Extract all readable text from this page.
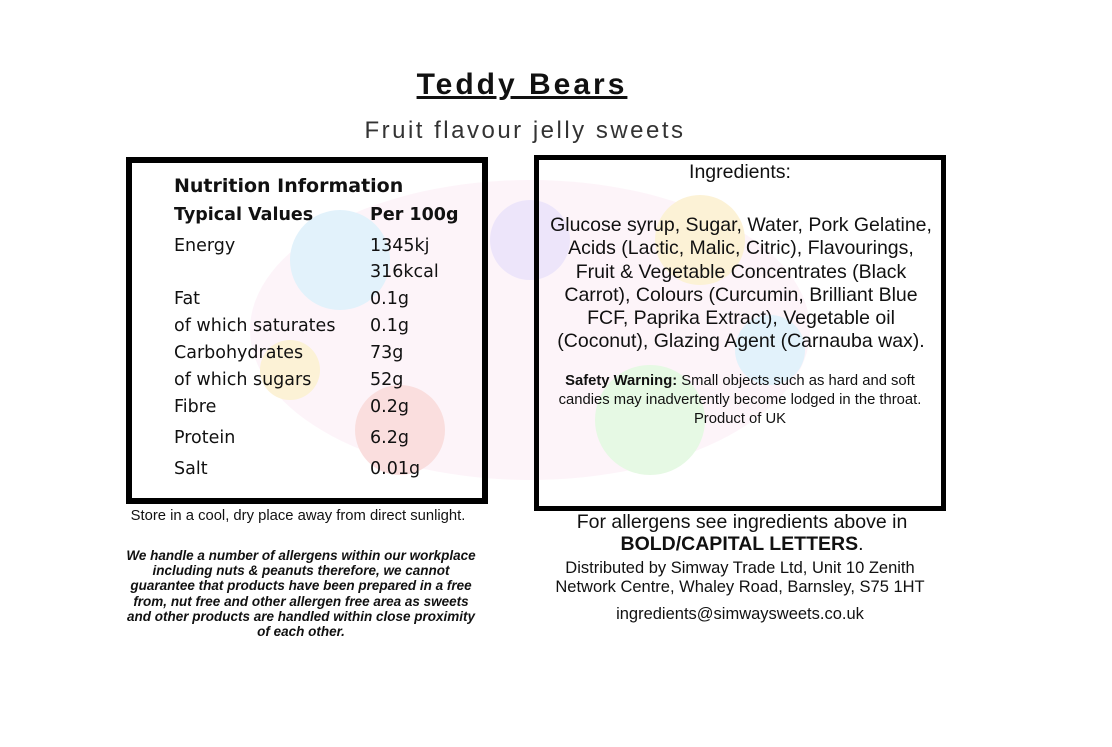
Teddy Bears
Fruit flavour jelly sweets
Nutrition Information
Typical Values	Per 100g
Energy	1345kj
316kcal
Fat	0.1g
of which saturates	0.1g
Carbohydrates	73g
of which sugars	52g
Fibre	0.2g
Protein	6.2g
Salt	0.01g
Ingredients:
Glucose syrup, Sugar, Water, Pork Gelatine, Acids (Lactic, Malic, Citric), Flavourings, Fruit & Vegetable Concentrates (Black Carrot), Colours (Curcumin, Brilliant Blue FCF, Paprika Extract), Vegetable oil (Coconut), Glazing Agent (Carnauba wax).
Safety Warning: Small objects such as hard and soft candies may inadvertently become lodged in the throat.
Product of UK
Store in a cool, dry place away from direct sunlight.
We handle a number of allergens within our workplace including nuts & peanuts therefore, we cannot guarantee that products have been prepared in a free from, nut free and other allergen free area as sweets and other products are handled within close proximity of each other.
For allergens see ingredients above in
BOLD/CAPITAL LETTERS.
Distributed by Simway Trade Ltd, Unit 10 Zenith Network Centre, Whaley Road, Barnsley, S75 1HT
ingredients@simwaysweets.co.uk
